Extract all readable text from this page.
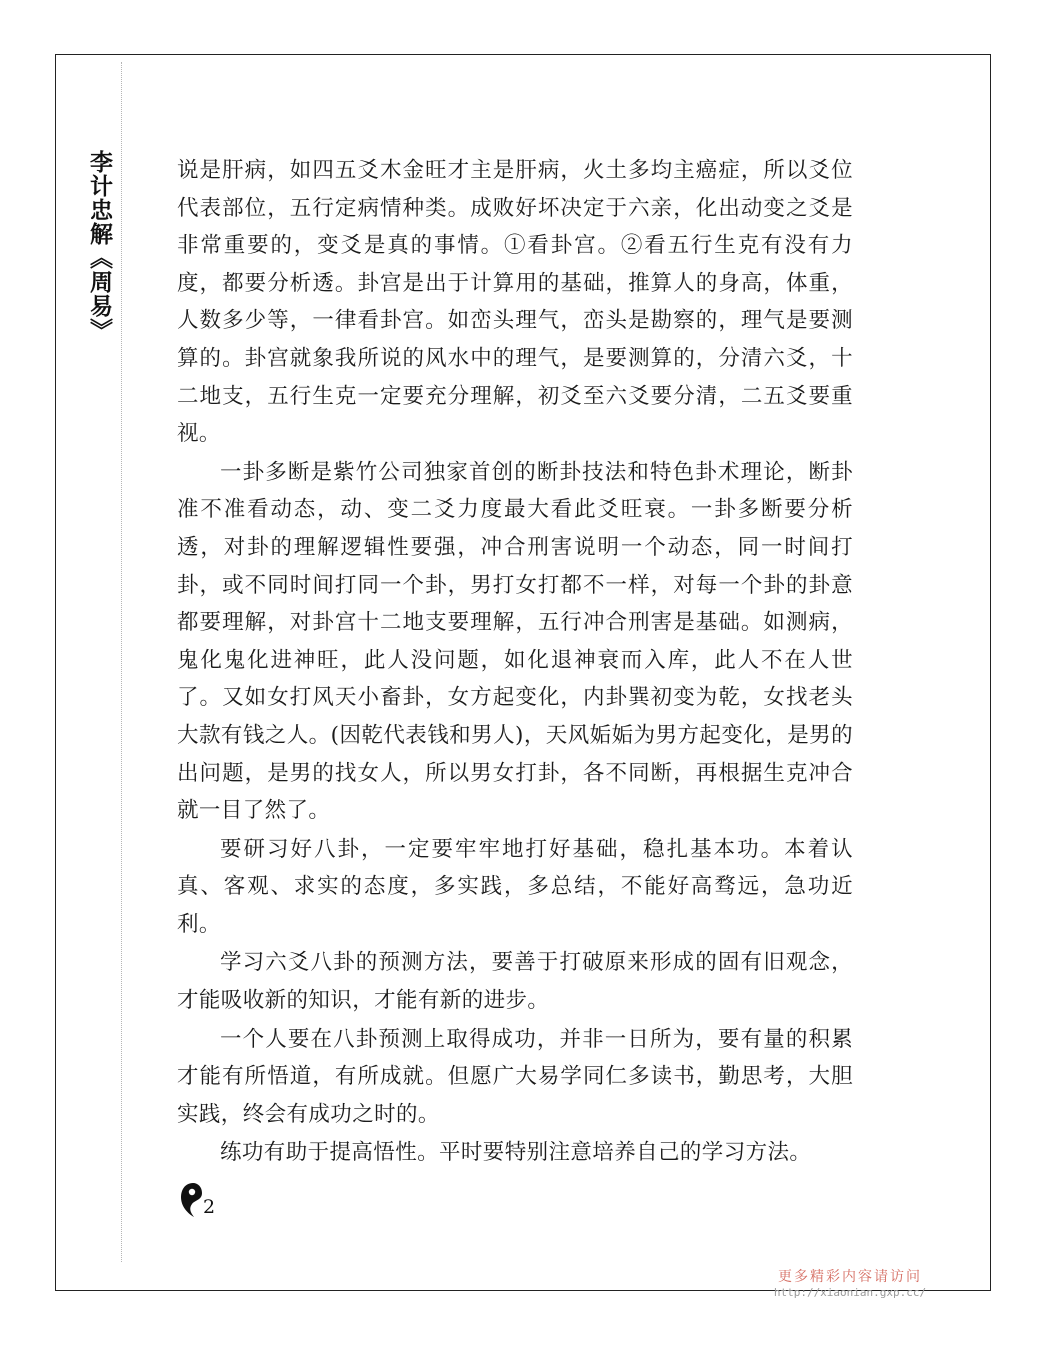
李计忠解《周易》	说是肝病，如四五爻木金旺才主是肝病，火土多均主癌症，所以爻位代表部位，五行定病情种类。成败好坏决定于六亲，化出动变之爻是非常重要的，变爻是真的事情。①看卦宫。②看五行生克有没有力度，都要分析透。卦宫是出于计算用的基础，推算人的身高，体重，人数多少等，一律看卦宫。如峦头理气，峦头是勘察的，理气是要测算的。卦宫就象我所说的风水中的理气，是要测算的，分清六爻，十二地支，五行生克一定要充分理解，初爻至六爻要分清，二五爻要重视。

一卦多断是紫竹公司独家首创的断卦技法和特色卦术理论，断卦准不准看动态，动、变二爻力度最大看此爻旺衰。一卦多断要分析透，对卦的理解逻辑性要强，冲合刑害说明一个动态，同一时间打卦，或不同时间打同一个卦，男打女打都不一样，对每一个卦的卦意都要理解，对卦宫十二地支要理解，五行冲合刑害是基础。如测病，鬼化鬼化进神旺，此人没问题，如化退神衰而入库，此人不在人世了。又如女打风天小畜卦，女方起变化，内卦巽初变为乾，女找老头大款有钱之人。(因乾代表钱和男人)，天风姤姤为男方起变化，是男的出问题，是男的找女人，所以男女打卦，各不同断，再根据生克冲合就一目了然了。

要研习好八卦，一定要牢牢地打好基础，稳扎基本功。本着认真、客观、求实的态度，多实践，多总结，不能好高骛远，急功近利。

学习六爻八卦的预测方法，要善于打破原来形成的固有旧观念，才能吸收新的知识，才能有新的进步。

一个人要在八卦预测上取得成功，并非一日所为，要有量的积累才能有所悟道，有所成就。但愿广大易学同仁多读书，勤思考，大胆实践，终会有成功之时的。

练功有助于提高悟性。平时要特别注意培养自己的学习方法。

2
更多精彩内容请访问
http://xiaonian.gxp.cc/
